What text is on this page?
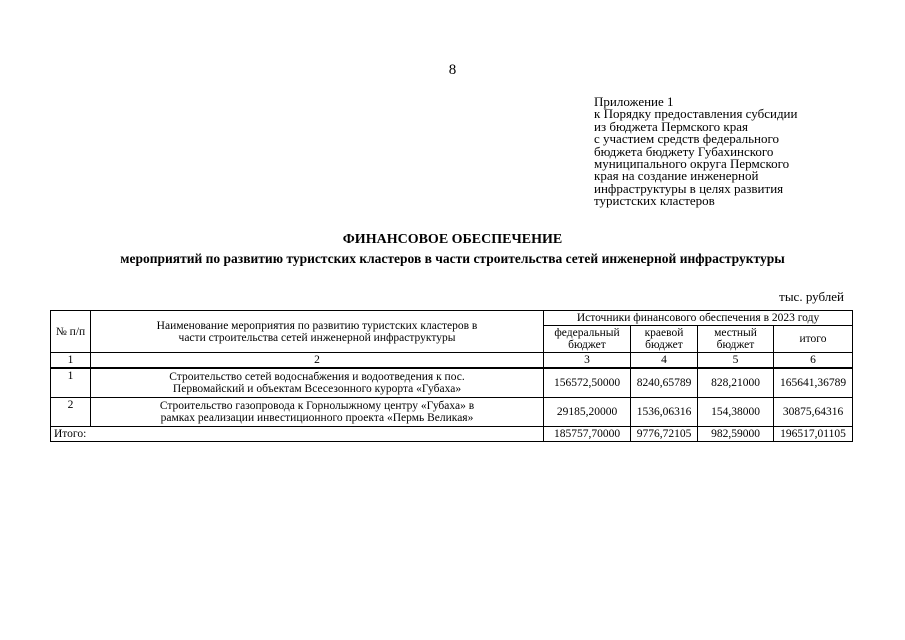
8
Приложение 1
к Порядку предоставления субсидии
из бюджета Пермского края
с участием средств федерального
бюджета бюджету Губахинского
муниципального округа Пермского
края на создание инженерной
инфраструктуры в целях развития
туристских кластеров
ФИНАНСОВОЕ ОБЕСПЕЧЕНИЕ
мероприятий по развитию туристских кластеров в части строительства сетей инженерной инфраструктуры
тыс. рублей
№ п/п	Наименование мероприятия по развитию туристских кластеров в части строительства сетей инженерной инфраструктуры	Источники финансового обеспечения в 2023 году			
		федеральный бюджет	краевой бюджет	местный бюджет	итого
1	2	3	4	5	6
1	Строительство сетей водоснабжения и водоотведения к пос. Первомайский и объектам Всесезонного курорта «Губаха»	156572,50000	8240,65789	828,21000	165641,36789
2	Строительство газопровода к Горнолыжному центру «Губаха» в рамках реализации инвестиционного проекта «Пермь Великая»	29185,20000	1536,06316	154,38000	30875,64316
Итого:		185757,70000	9776,72105	982,59000	196517,01105
